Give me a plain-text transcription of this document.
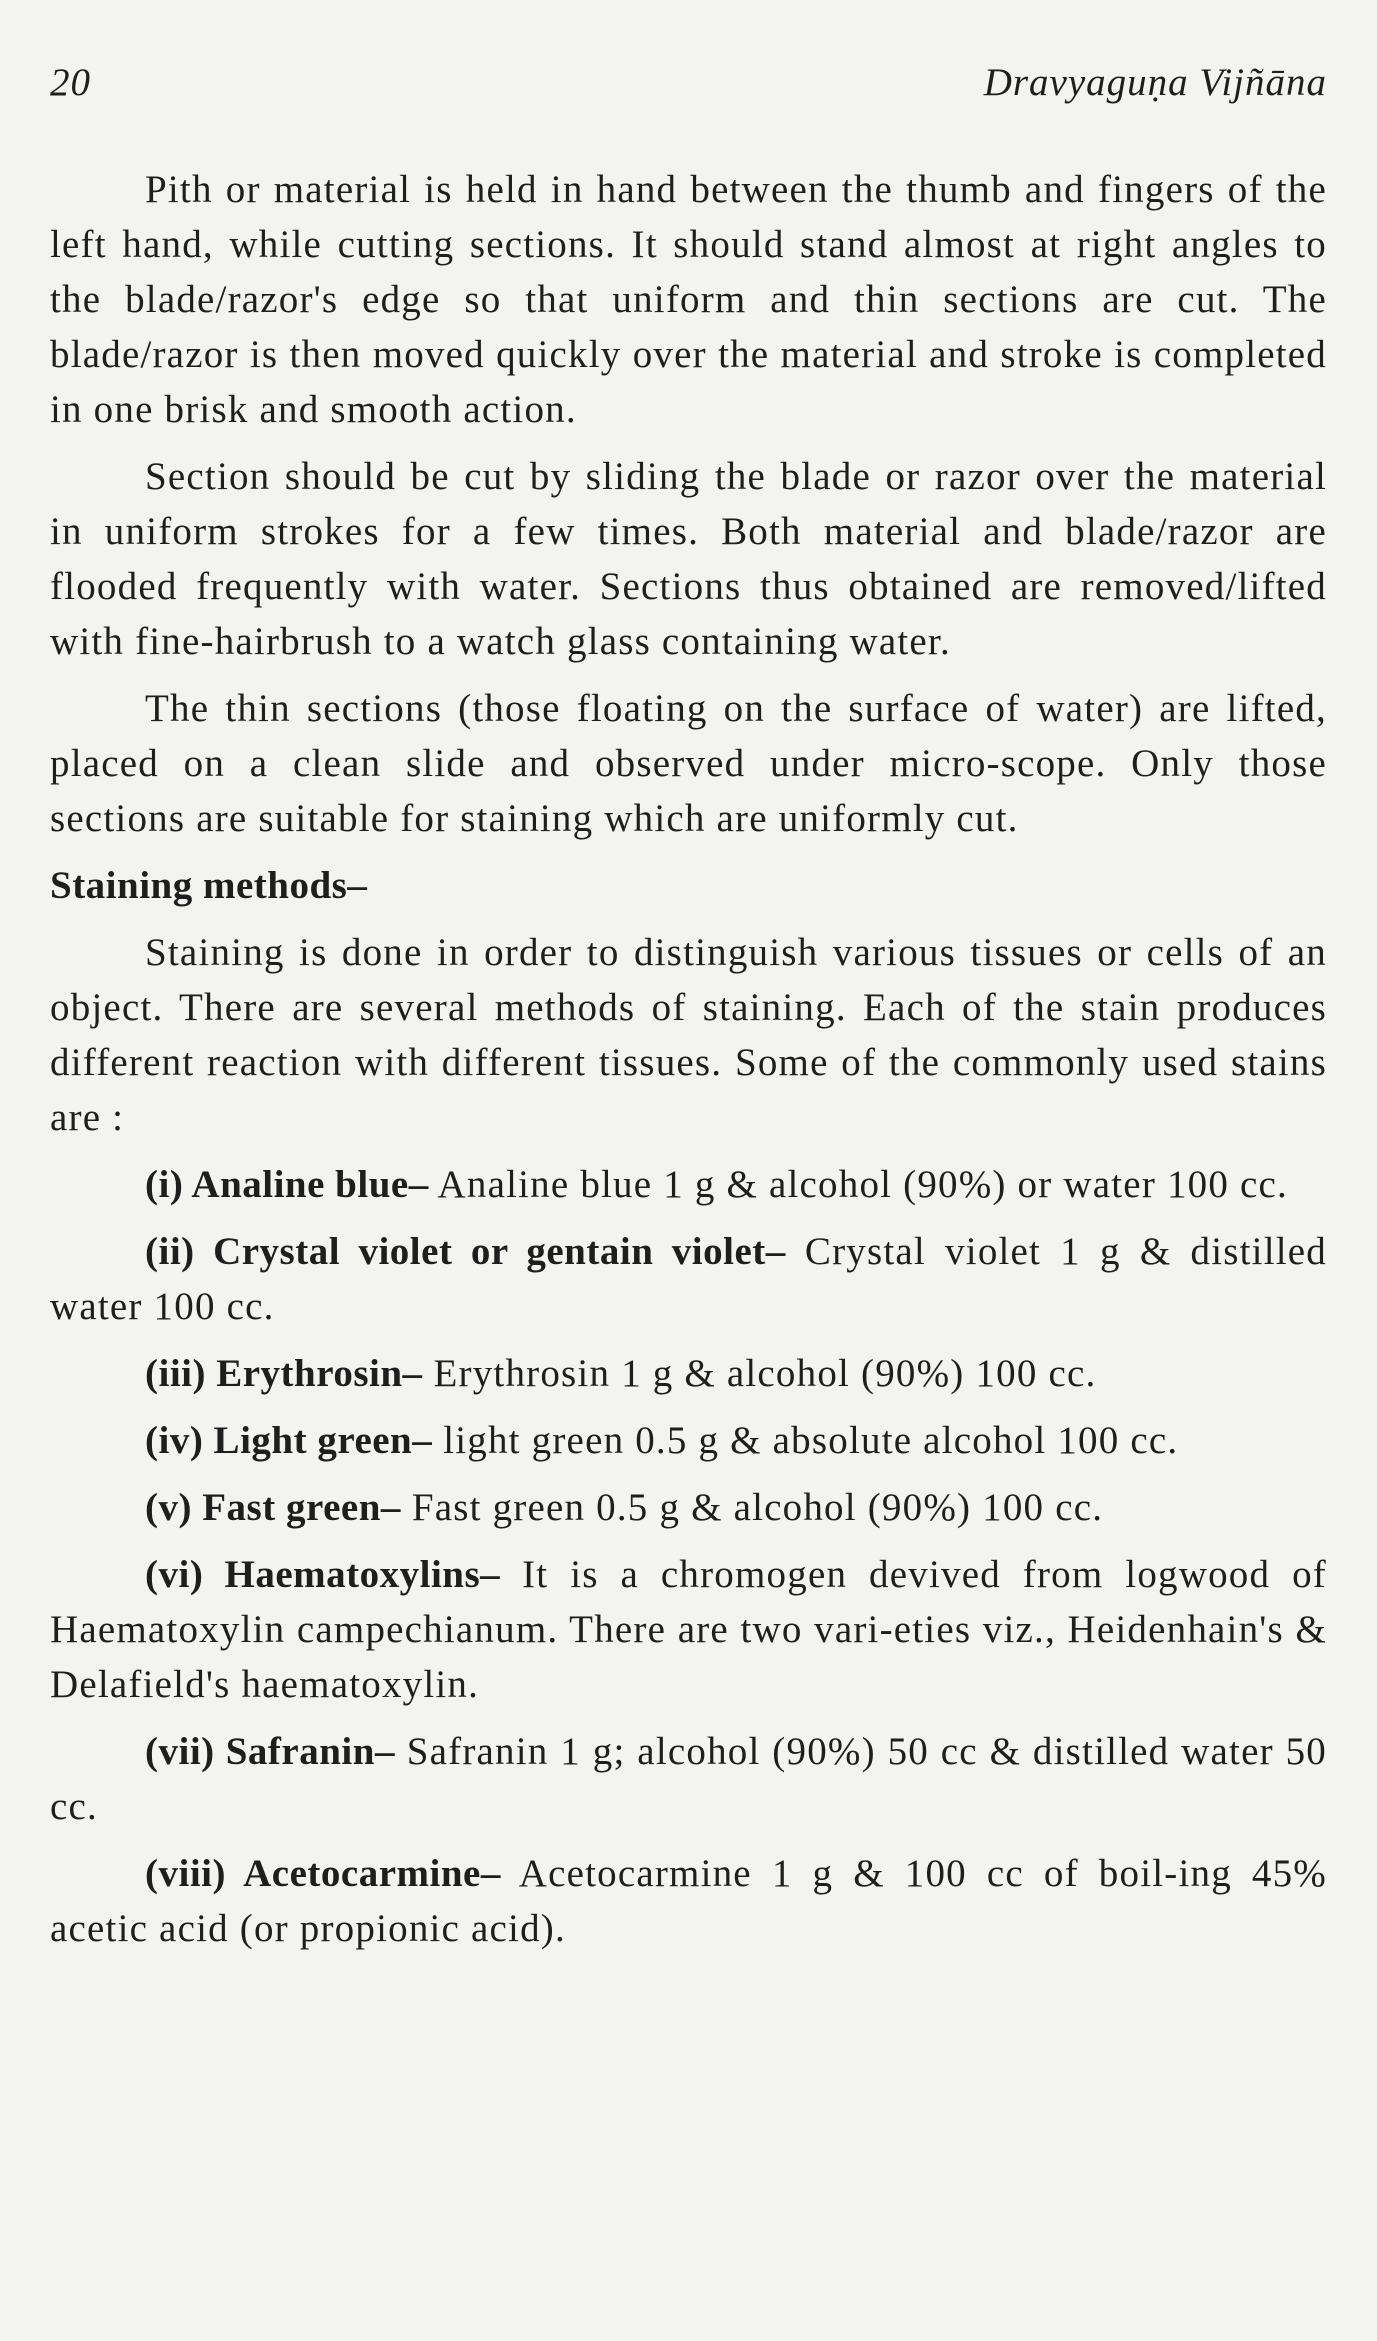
20	Dravyaguṇa Vijñāna

Pith or material is held in hand between the thumb and fingers of the left hand, while cutting sections. It should stand almost at right angles to the blade/razor's edge so that uniform and thin sections are cut. The blade/razor is then moved quickly over the material and stroke is completed in one brisk and smooth action.

Section should be cut by sliding the blade or razor over the material in uniform strokes for a few times. Both material and blade/razor are flooded frequently with water. Sections thus obtained are removed/lifted with fine-hairbrush to a watch glass containing water.

The thin sections (those floating on the surface of water) are lifted, placed on a clean slide and observed under micro-scope. Only those sections are suitable for staining which are uniformly cut.

Staining methods–

Staining is done in order to distinguish various tissues or cells of an object. There are several methods of staining. Each of the stain produces different reaction with different tissues. Some of the commonly used stains are :

(i) Analine blue– Analine blue 1 g & alcohol (90%) or water 100 cc.

(ii) Crystal violet or gentain violet– Crystal violet 1 g & distilled water 100 cc.

(iii) Erythrosin– Erythrosin 1 g & alcohol (90%) 100 cc.

(iv) Light green– light green 0.5 g & absolute alcohol 100 cc.

(v) Fast green– Fast green 0.5 g & alcohol (90%) 100 cc.

(vi) Haematoxylins– It is a chromogen devived from logwood of Haematoxylin campechianum. There are two vari-eties viz., Heidenhain's & Delafield's haematoxylin.

(vii) Safranin– Safranin 1 g; alcohol (90%) 50 cc & distilled water 50 cc.

(viii) Acetocarmine– Acetocarmine 1 g & 100 cc of boil-ing 45% acetic acid (or propionic acid).
